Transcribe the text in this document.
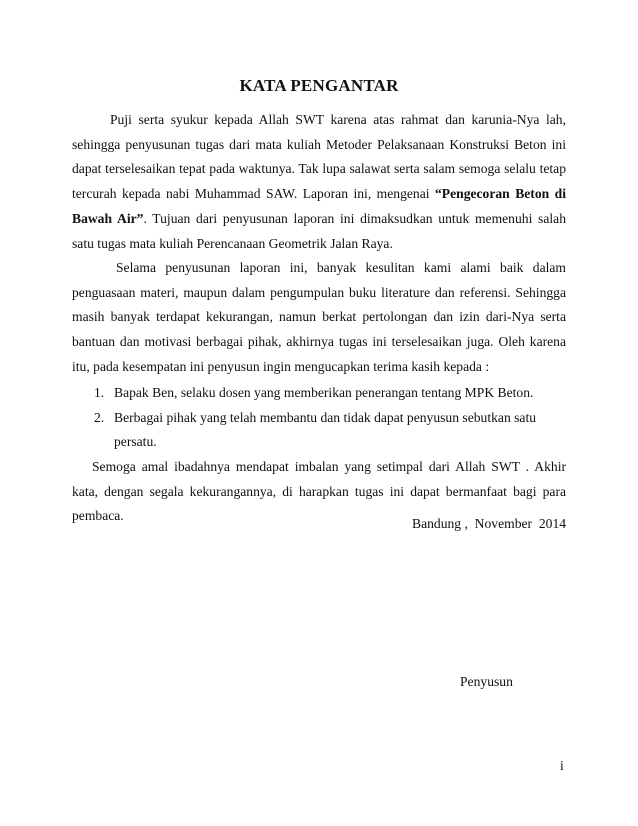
KATA PENGANTAR

Puji serta syukur kepada Allah SWT karena atas rahmat dan karunia-Nya lah, sehingga penyusunan tugas dari mata kuliah Metoder Pelaksanaan Konstruksi Beton ini dapat terselesaikan tepat pada waktunya. Tak lupa salawat serta salam semoga selalu tetap tercurah kepada nabi Muhammad SAW. Laporan ini, mengenai “Pengecoran Beton di Bawah Air”. Tujuan dari penyusunan laporan ini dimaksudkan untuk memenuhi salah satu tugas mata kuliah Perencanaan Geometrik Jalan Raya.

Selama penyusunan laporan ini, banyak kesulitan kami alami baik dalam penguasaan materi, maupun dalam pengumpulan buku literature dan referensi. Sehingga masih banyak terdapat kekurangan, namun berkat pertolongan dan izin dari-Nya serta bantuan dan motivasi berbagai pihak, akhirnya tugas ini terselesaikan juga. Oleh karena itu, pada kesempatan ini penyusun ingin mengucapkan terima kasih kepada :

1. Bapak Ben, selaku dosen yang memberikan penerangan tentang MPK Beton.
2. Berbagai pihak yang telah membantu dan tidak dapat penyusun sebutkan satu persatu.

Semoga amal ibadahnya mendapat imbalan yang setimpal dari Allah SWT . Akhir kata, dengan segala kekurangannya, di harapkan tugas ini dapat bermanfaat bagi para pembaca.

Bandung ,  November  2014
Penyusun
i
